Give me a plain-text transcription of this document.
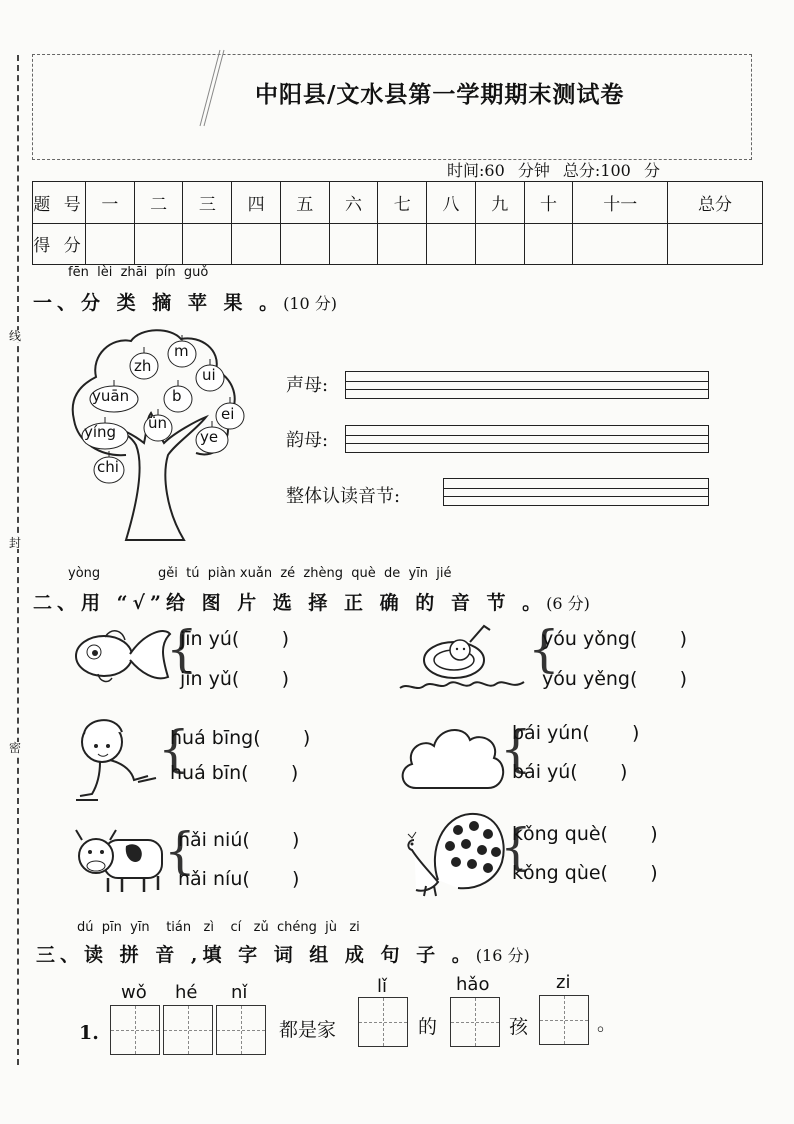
线
封
密
中阳县/文水县第一学期期末测试卷
时间:60 分钟 总分:100 分
题 号	一	二	三	四	五	六	七	八	九	十	十一	总分
得 分												
fēn  lèi  zhāi  pín  guǒ
一、分 类 摘 苹 果 。(10 分)
zh
m
ui
yuān	b
ei
ün
yíng	ye
chi
声母:
韵母:
整体认读音节:
yòng              gěi  tú  piàn xuǎn  zé  zhèng  què  de  yīn  jié
二、用 “√”给 图 片 选 择 正 确 的 音 节 。(6 分)
{
jīn yú(       )
jīn yǔ(       )
{
yóu yǒng(       )
yóu yěng(       )
{
huá bīng(       )
huá bīn(       )	{
bái yún(       )
bái yú(       )
{
nǎi niú(       )
nǎi níu(       )
{
kǒng què(       )
kǒng qùe(       )
dú  pīn  yīn    tián   zì    cí   zǔ  chéng  jù   zi
三、读 拼 音 ,填 字 词 组 成 句 子 。(16 分)
1.
wǒ hé nǐ
都是家
lǐ
的
hǎo
孩
zi
。
